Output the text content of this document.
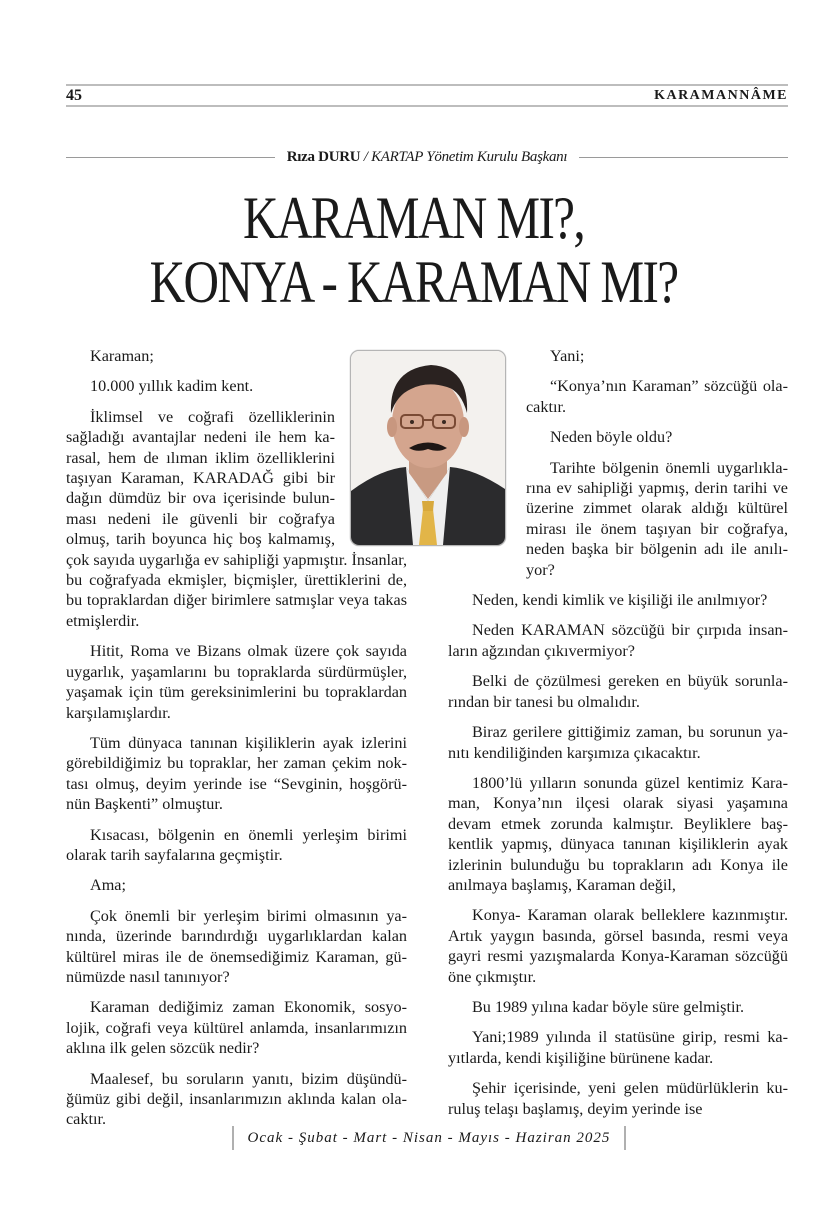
45	KARAMANNÂME
Rıza DURU / KARTAP Yönetim Kurulu Başkanı
KARAMAN MI?,
KONYA - KARAMAN MI?

Karaman;

10.000 yıllık kadim kent.

İklimsel ve coğrafi özelliklerinin sağladığı avantajlar nedeni ile hem karasal, hem de ılıman iklim özelliklerini taşıyan Karaman, KARADAĞ gibi bir dağın dümdüz bir ova içerisinde bulunması nedeni ile güvenli bir coğrafya olmuş, tarih boyunca hiç boş kalmamış, çok sayıda uygarlığa ev sahipliği yapmıştır. İnsanlar, bu coğrafyada ekmişler, biçmişler, ürettiklerini de, bu topraklardan diğer birimlere satmışlar veya takas etmişlerdir.

Hitit, Roma ve Bizans olmak üzere çok sayıda uygarlık, yaşamlarını bu topraklarda sürdürmüşler, yaşamak için tüm gereksinimlerini bu topraklardan karşılamışlardır.

Tüm dünyaca tanınan kişiliklerin ayak izlerini görebildiğimiz bu topraklar, her zaman çekim noktası olmuş, deyim yerinde ise “Sevginin, hoşgörünün Başkenti” olmuştur.

Kısacası, bölgenin en önemli yerleşim birimi olarak tarih sayfalarına geçmiştir.

Ama;

Çok önemli bir yerleşim birimi olmasının yanında, üzerinde barındırdığı uygarlıklardan kalan kültürel miras ile de önemsediğimiz Karaman, günümüzde nasıl tanınıyor?

Karaman dediğimiz zaman Ekonomik, sosyolojik, coğrafi veya kültürel anlamda, insanlarımızın aklına ilk gelen sözcük nedir?

Maalesef, bu soruların yanıtı, bizim düşündüğümüz gibi değil, insanlarımızın aklında kalan olacaktır.

Yani;

“Konya’nın Karaman” sözcüğü olacaktır.

Neden böyle oldu?

Tarihte bölgenin önemli uygarlıklarına ev sahipliği yapmış, derin tarihi ve üzerine zimmet olarak aldığı kültürel mirası ile önem taşıyan bir coğrafya, neden başka bir bölgenin adı ile anılıyor?

Neden, kendi kimlik ve kişiliği ile anılmıyor?

Neden KARAMAN sözcüğü bir çırpıda insanların ağzından çıkıvermiyor?

Belki de çözülmesi gereken en büyük sorunlarından bir tanesi bu olmalıdır.

Biraz gerilere gittiğimiz zaman, bu sorunun yanıtı kendiliğinden karşımıza çıkacaktır.

1800’lü yılların sonunda güzel kentimiz Karaman, Konya’nın ilçesi olarak siyasi yaşamına devam etmek zorunda kalmıştır. Beyliklere başkentlik yapmış, dünyaca tanınan kişiliklerin ayak izlerinin bulunduğu bu toprakların adı Konya ile anılmaya başlamış, Karaman değil,

Konya- Karaman olarak belleklere kazınmıştır. Artık yaygın basında, görsel basında, resmi veya gayri resmi yazışmalarda Konya-Karaman sözcüğü öne çıkmıştır.

Bu 1989 yılına kadar böyle süre gelmiştir.

Yani;1989 yılında il statüsüne girip, resmi kayıtlarda, kendi kişiliğine bürünene kadar.

Şehir içerisinde, yeni gelen müdürlüklerin kuruluş telaşı başlamış, deyim yerinde ise

Ocak - Şubat - Mart - Nisan - Mayıs - Haziran 2025
